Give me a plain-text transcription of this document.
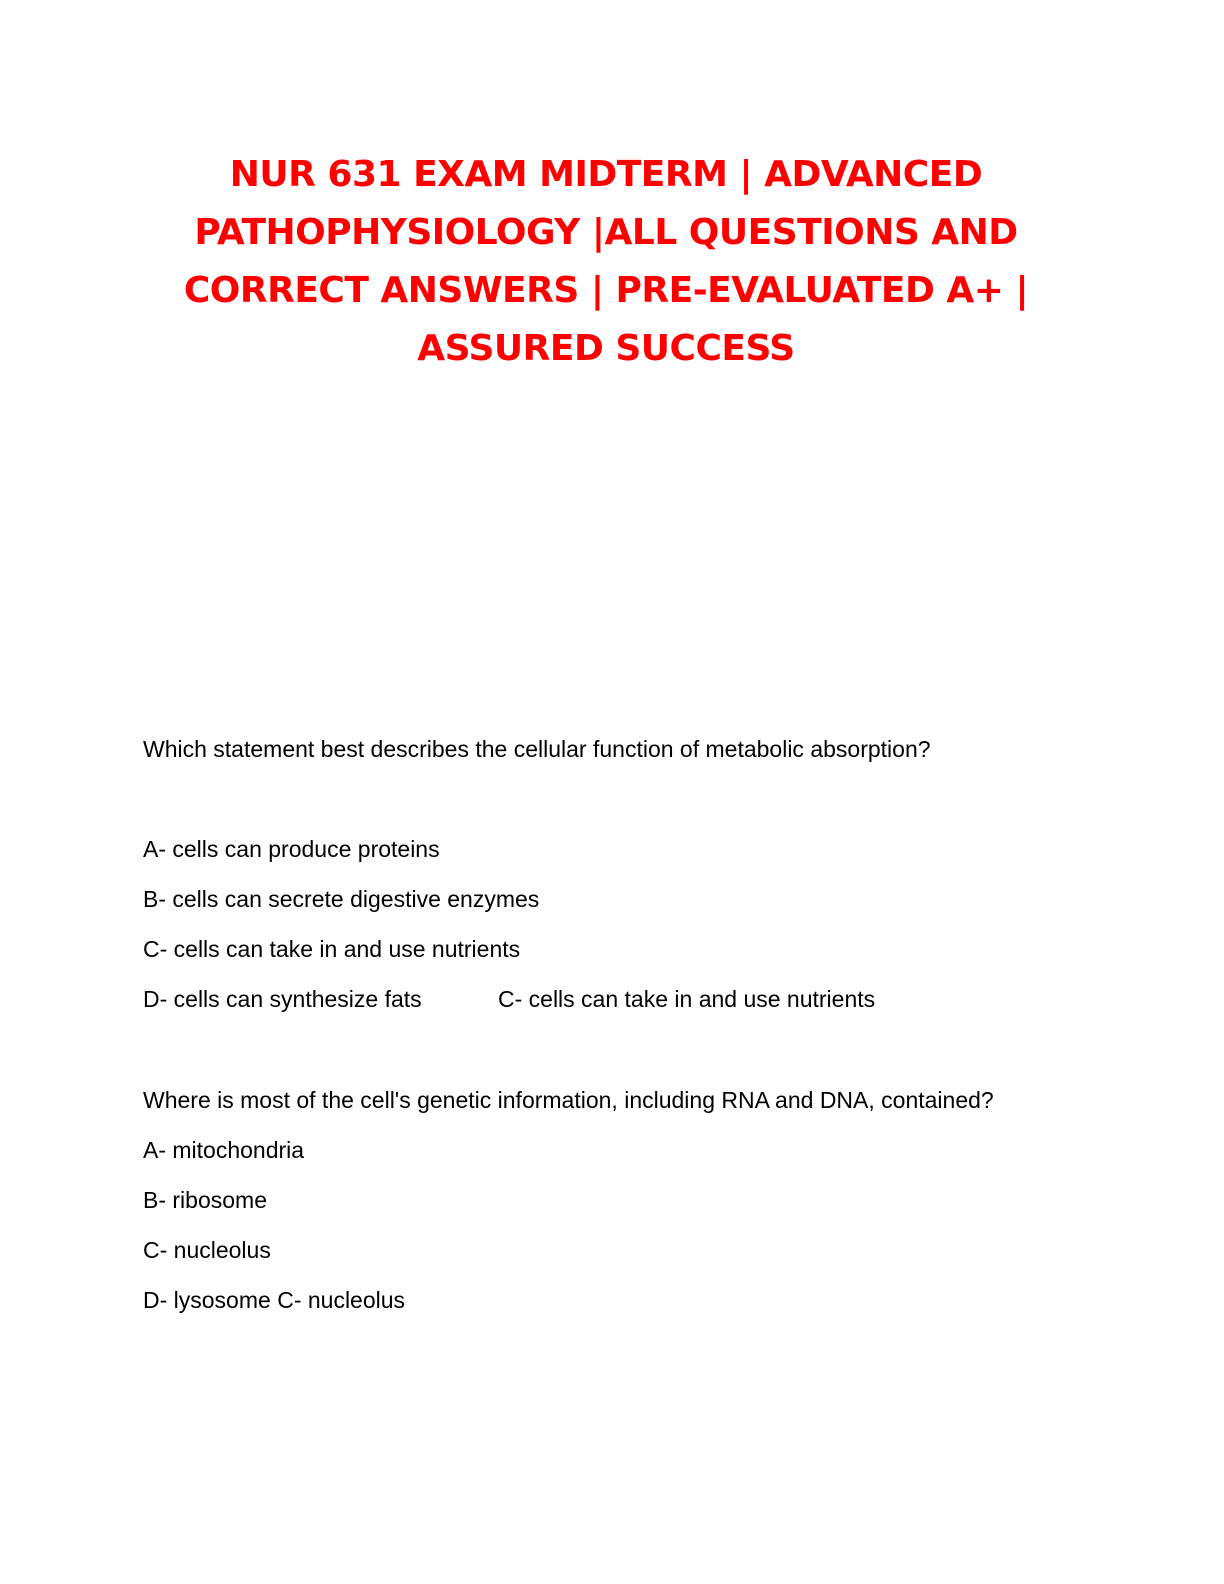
NUR 631 EXAM MIDTERM | ADVANCED
PATHOPHYSIOLOGY |ALL QUESTIONS AND
CORRECT ANSWERS | PRE-EVALUATED A+ |
ASSURED SUCCESS
Which statement best describes the cellular function of metabolic absorption?
A- cells can produce proteins
B- cells can secrete digestive enzymes
C- cells can take in and use nutrients
D- cells can synthesize fats	C- cells can take in and use nutrients
Where is most of the cell's genetic information, including RNA and DNA, contained?
A- mitochondria
B- ribosome
C- nucleolus
D- lysosome C- nucleolus
